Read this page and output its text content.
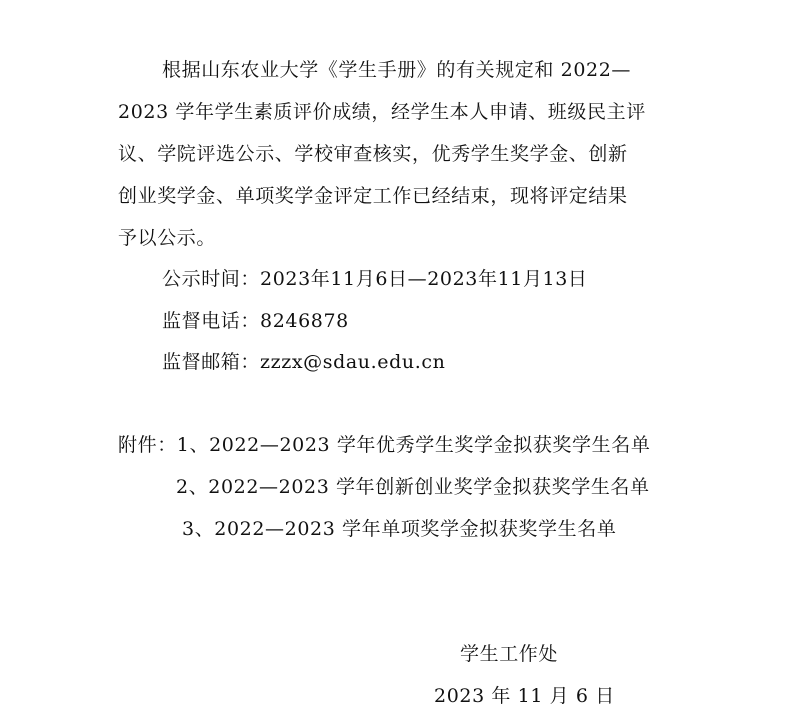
根据山东农业大学《学生手册》的有关规定和 2022—
2023 学年学生素质评价成绩，经学生本人申请、班级民主评
议、学院评选公示、学校审查核实，优秀学生奖学金、创新
创业奖学金、单项奖学金评定工作已经结束，现将评定结果
予以公示。
公示时间：2023年11月6日—2023年11月13日
监督电话：8246878
监督邮箱：zzzx@sdau.edu.cn
附件：1、2022—2023 学年优秀学生奖学金拟获奖学生名单
2、2022—2023 学年创新创业奖学金拟获奖学生名单
3、2022—2023 学年单项奖学金拟获奖学生名单
学生工作处
2023 年 11 月 6 日
